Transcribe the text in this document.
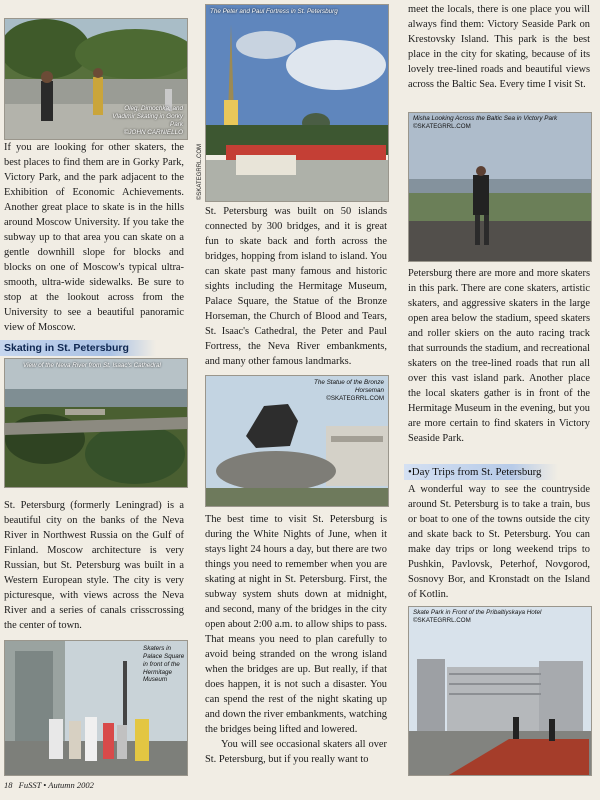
Oleg, Dimochka, and Vladimir Skating in Gorky Park
©JOHN CARNIELLO

If you are looking for other skaters, the best places to find them are in Gorky Park, Victory Park, and the park adjacent to the Exhibition of Economic Achievements. Another great place to skate is in the hills around Moscow University. If you take the subway up to that area you can skate on a gentle downhill slope for blocks and blocks on one of Moscow's typical ultra-smooth, ultra-wide sidewalks. Be sure to stop at the lookout across from the University to see a beautiful panoramic view of Moscow.

Skating in St. Petersburg
View of the Neva River from St. Isaac's Cathedral

St. Petersburg (formerly Leningrad) is a beautiful city on the banks of the Neva River in Northwest Russia on the Gulf of Finland. Moscow architecture is very Russian, but St. Petersburg was built in a Western European style. The city is very picturesque, with views across the Neva River and a series of canals crisscrossing the center of town.

Skaters in Palace Square in front of the Hermitage Museum
18 FuSST • Autumn 2002
The Peter and Paul Fortress in St. Petersburg
©SKATEGRRL.COM

St. Petersburg was built on 50 islands connected by 300 bridges, and it is great fun to skate back and forth across the bridges, hopping from island to island. You can skate past many famous and historic sights including the Hermitage Museum, Palace Square, the Statue of the Bronze Horseman, the Church of Blood and Tears, St. Isaac's Cathedral, the Peter and Paul Fortress, the Neva River embankments, and many other famous landmarks.

The Statue of the Bronze Horseman
©SKATEGRRL.COM

The best time to visit St. Petersburg is during the White Nights of June, when it stays light 24 hours a day, but there are two things you need to remember when you are skating at night in St. Petersburg. First, the subway system shuts down at midnight, and second, many of the bridges in the city open about 2:00 a.m. to allow ships to pass. That means you need to plan carefully to avoid being stranded on the wrong island when the bridges are up. But really, if that does happen, it is not such a disaster. You can spend the rest of the night skating up and down the river embankments, watching the bridges being lifted and lowered.

You will see occasional skaters all over St. Petersburg, but if you really want to

meet the locals, there is one place you will always find them: Victory Seaside Park on Krestovsky Island. This park is the best place in the city for skating, because of its lovely tree-lined roads and beautiful views across the Baltic Sea. Every time I visit St.

Misha Looking Across the Baltic Sea in Victory Park
©SKATEGRRL.COM

Petersburg there are more and more skaters in this park. There are cone skaters, artistic skaters, and aggressive skaters in the large open area below the stadium, speed skaters and roller skiers on the auto racing track that surrounds the stadium, and recreational skaters on the tree-lined roads that run all over this vast island park. Another place the local skaters gather is in front of the Hermitage Museum in the evening, but you are more certain to find skaters in Victory Seaside Park.

•Day Trips from St. Petersburg

A wonderful way to see the countryside around St. Petersburg is to take a train, bus or boat to one of the towns outside the city and skate back to St. Petersburg. You can make day trips or long weekend trips to Pushkin, Pavlovsk, Peterhof, Novgorod, Sosnovy Bor, and Kronstadt on the Island of Kotlin.

Skate Park in Front of the Pribaltiyskaya Hotel
©SKATEGRRL.COM
